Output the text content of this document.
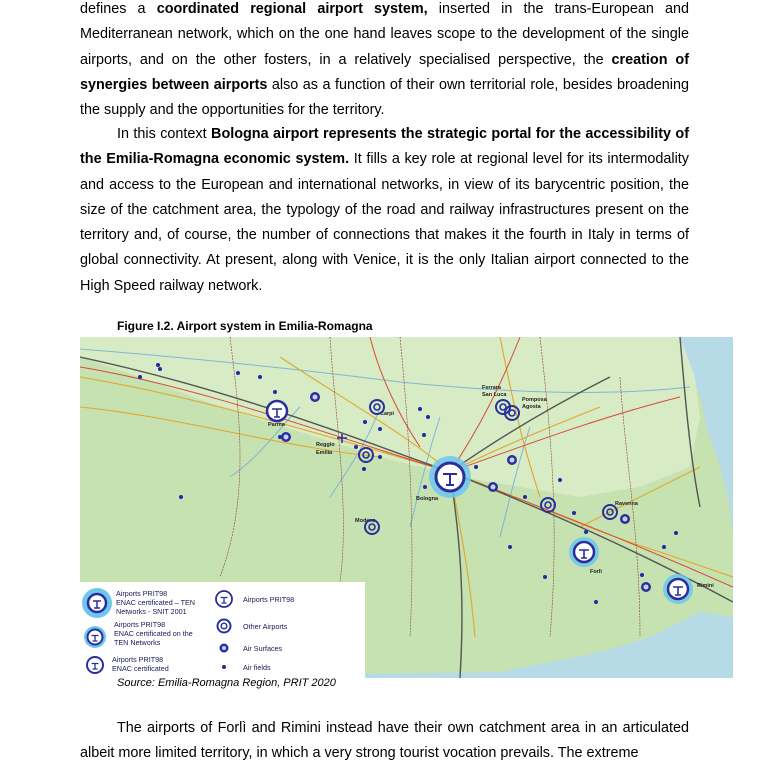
defines a coordinated regional airport system, inserted in the trans-European and Mediterranean network, which on the one hand leaves scope to the development of the single airports, and on the other fosters, in a relatively specialised perspective, the creation of synergies between airports also as a function of their own territorial role, besides broadening the supply and the opportunities for the territory.

In this context Bologna airport represents the strategic portal for the accessibility of the Emilia-Romagna economic system. It fills a key role at regional level for its intermodality and access to the European and international networks, in view of its barycentric position, the size of the catchment area, the typology of the road and railway infrastructures present on the territory and, of course, the number of connections that makes it the fourth in Italy in terms of global connectivity. At present, along with Venice, it is the only Italian airport connected to the High Speed railway network.

Figure I.2. Airport system in Emilia-Romagna
Parma
Reggio
Emilia
Carpi
Modena
Bologna
Ferrara
San Luca
Pomposa
Agosta
Ravenna
Forlì
Rimini
Airports PRIT98
ENAC certificated – TEN
Networks - SNIT 2001
Airports PRIT98
ENAC certificated on the
TEN Networks
Airports PRIT98
ENAC certificated
Airports PRIT98
Other Airports
Air Surfaces
Air fields
Source: Emilia-Romagna Region, PRIT 2020

The airports of Forlì and Rimini instead have their own catchment area in an articulated albeit more limited territory, in which a very strong tourist vocation prevails. The extreme
